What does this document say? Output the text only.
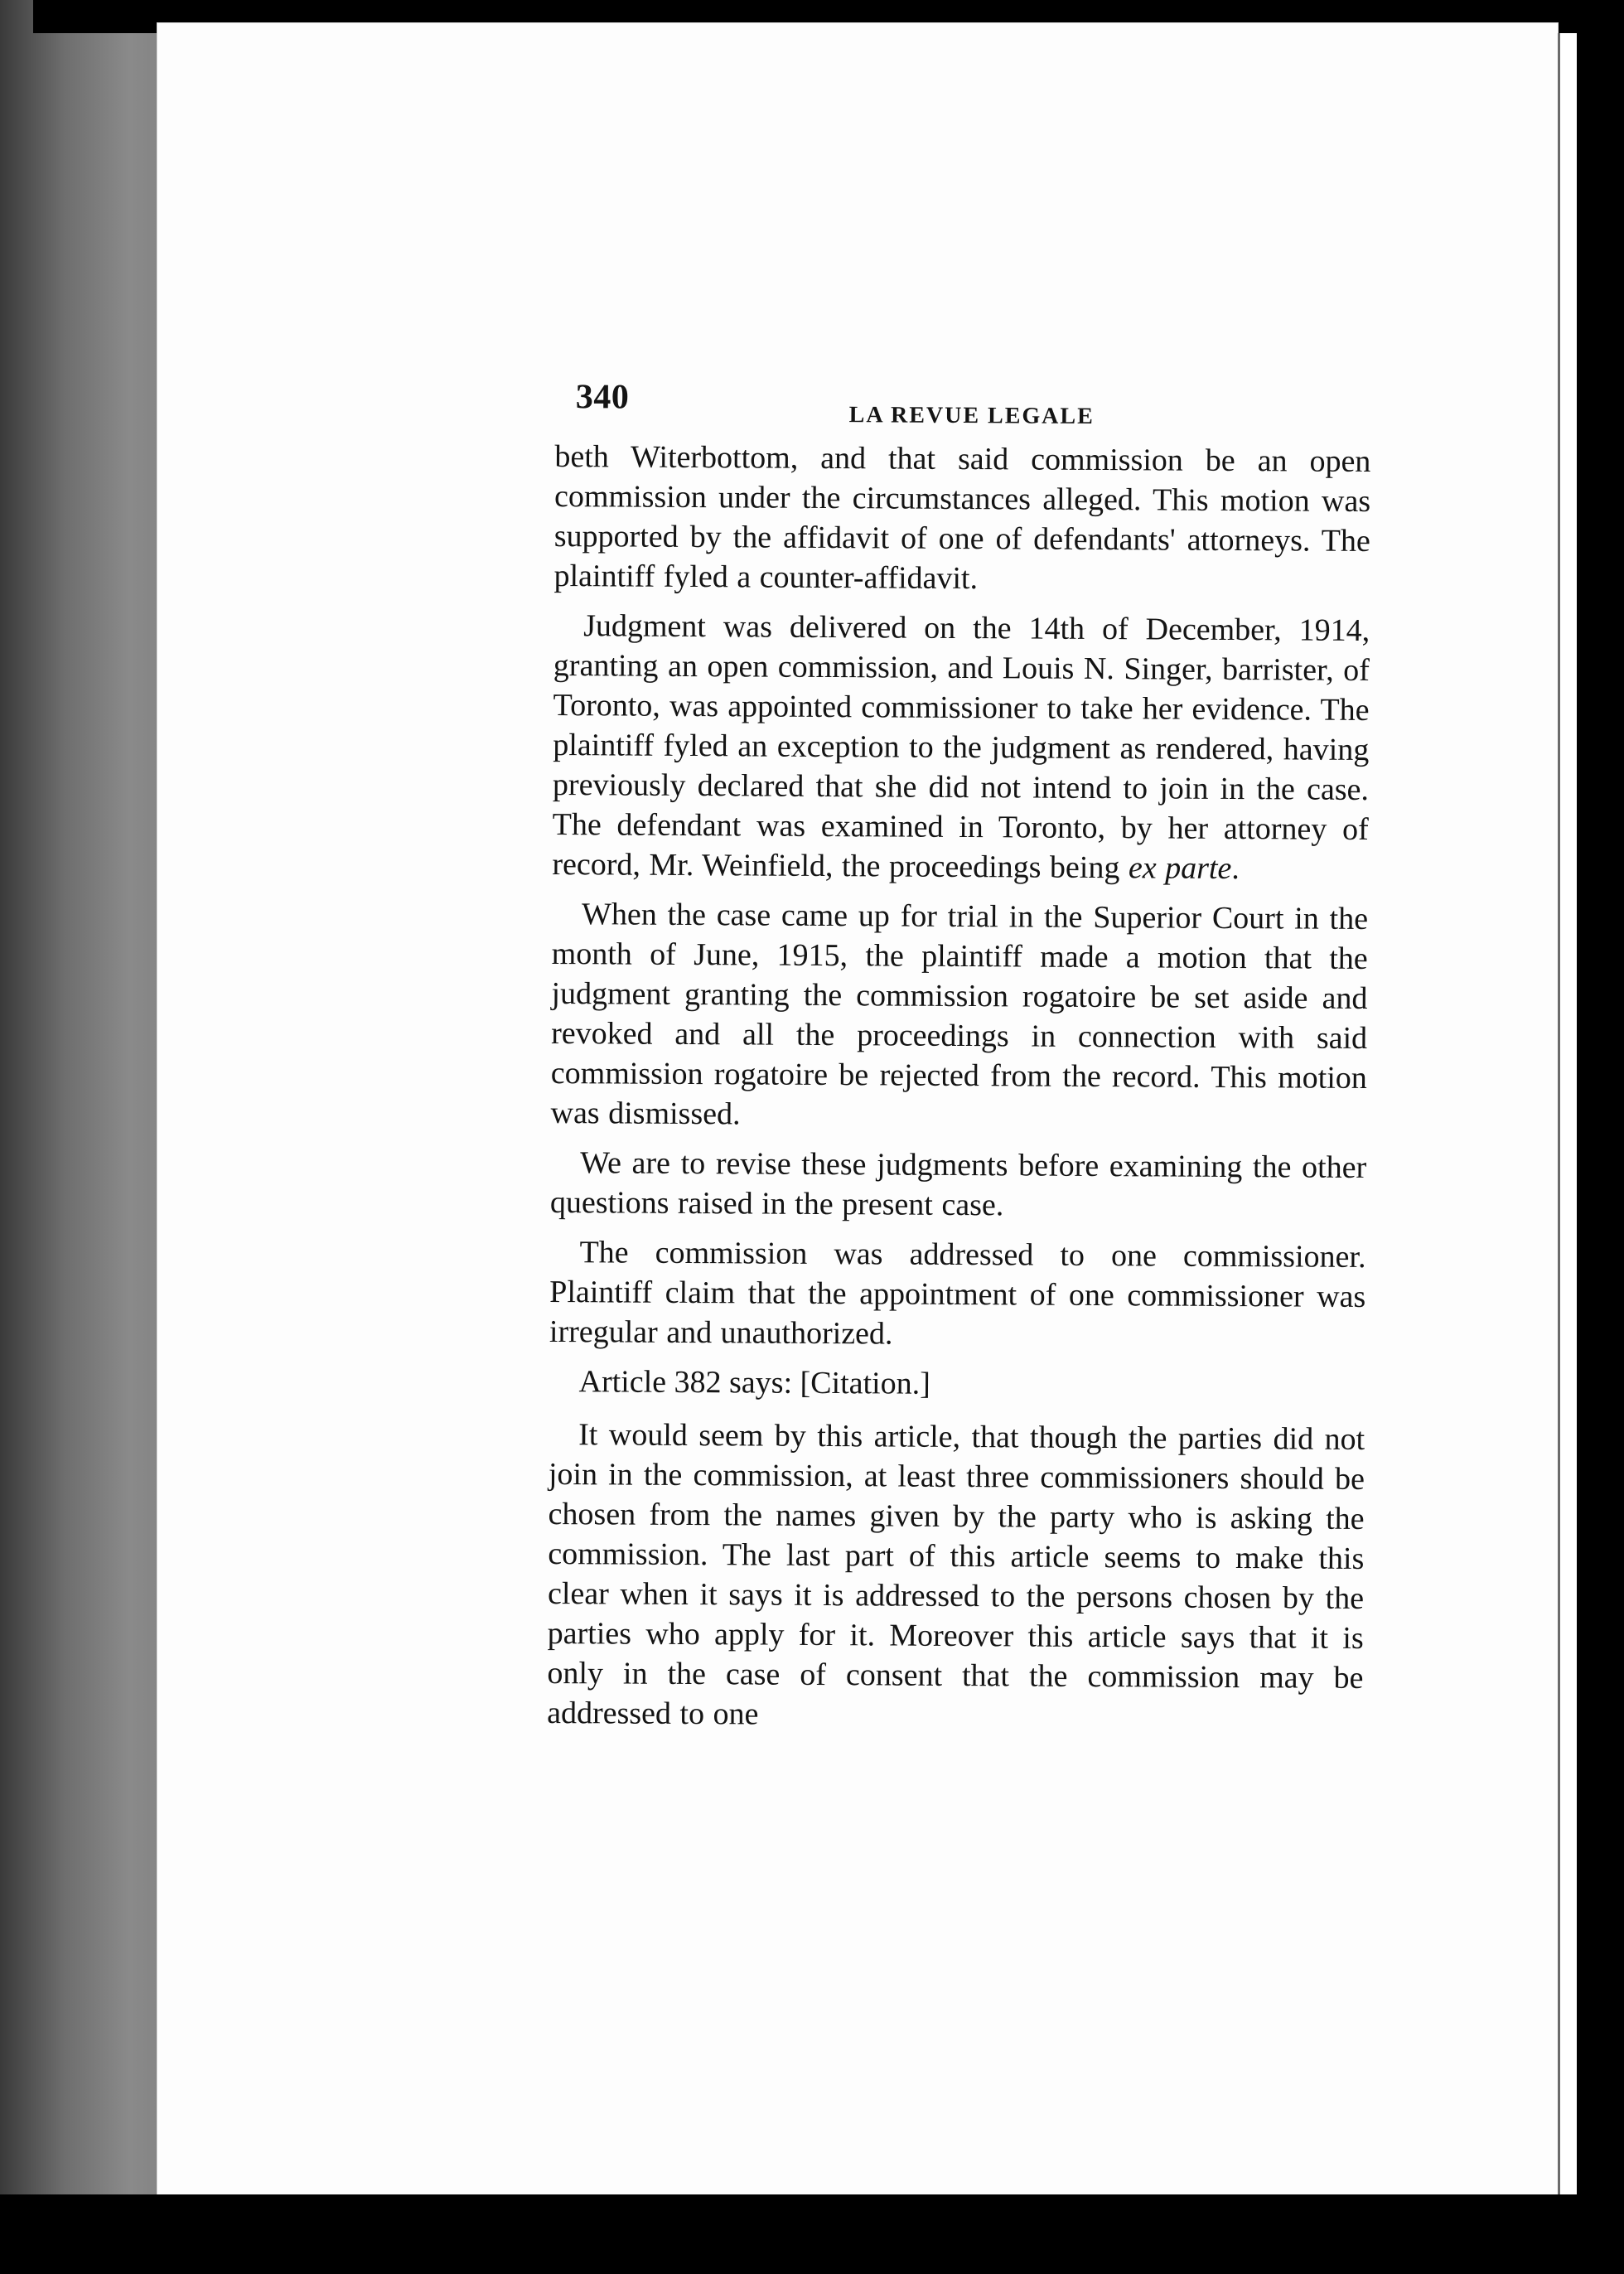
340	LA REVUE LEGALE

beth Witerbottom, and that said commission be an open commission under the circumstances alleged. This motion was supported by the affidavit of one of defendants' attorneys. The plaintiff fyled a counter-affidavit.

Judgment was delivered on the 14th of December, 1914, granting an open commission, and Louis N. Singer, barrister, of Toronto, was appointed commissioner to take her evidence. The plaintiff fyled an exception to the judgment as rendered, having previously declared that she did not intend to join in the case. The defendant was examined in Toronto, by her attorney of record, Mr. Weinfield, the proceedings being ex parte.

When the case came up for trial in the Superior Court in the month of June, 1915, the plaintiff made a motion that the judgment granting the commission rogatoire be set aside and revoked and all the proceedings in connection with said commission rogatoire be rejected from the record. This motion was dismissed.

We are to revise these judgments before examining the other questions raised in the present case.

The commission was addressed to one commissioner. Plaintiff claim that the appointment of one commissioner was irregular and unauthorized.

Article 382 says: [Citation.]

It would seem by this article, that though the parties did not join in the commission, at least three commissioners should be chosen from the names given by the party who is asking the commission. The last part of this article seems to make this clear when it says it is addressed to the persons chosen by the parties who apply for it. Moreover this article says that it is only in the case of consent that the commission may be addressed to one
